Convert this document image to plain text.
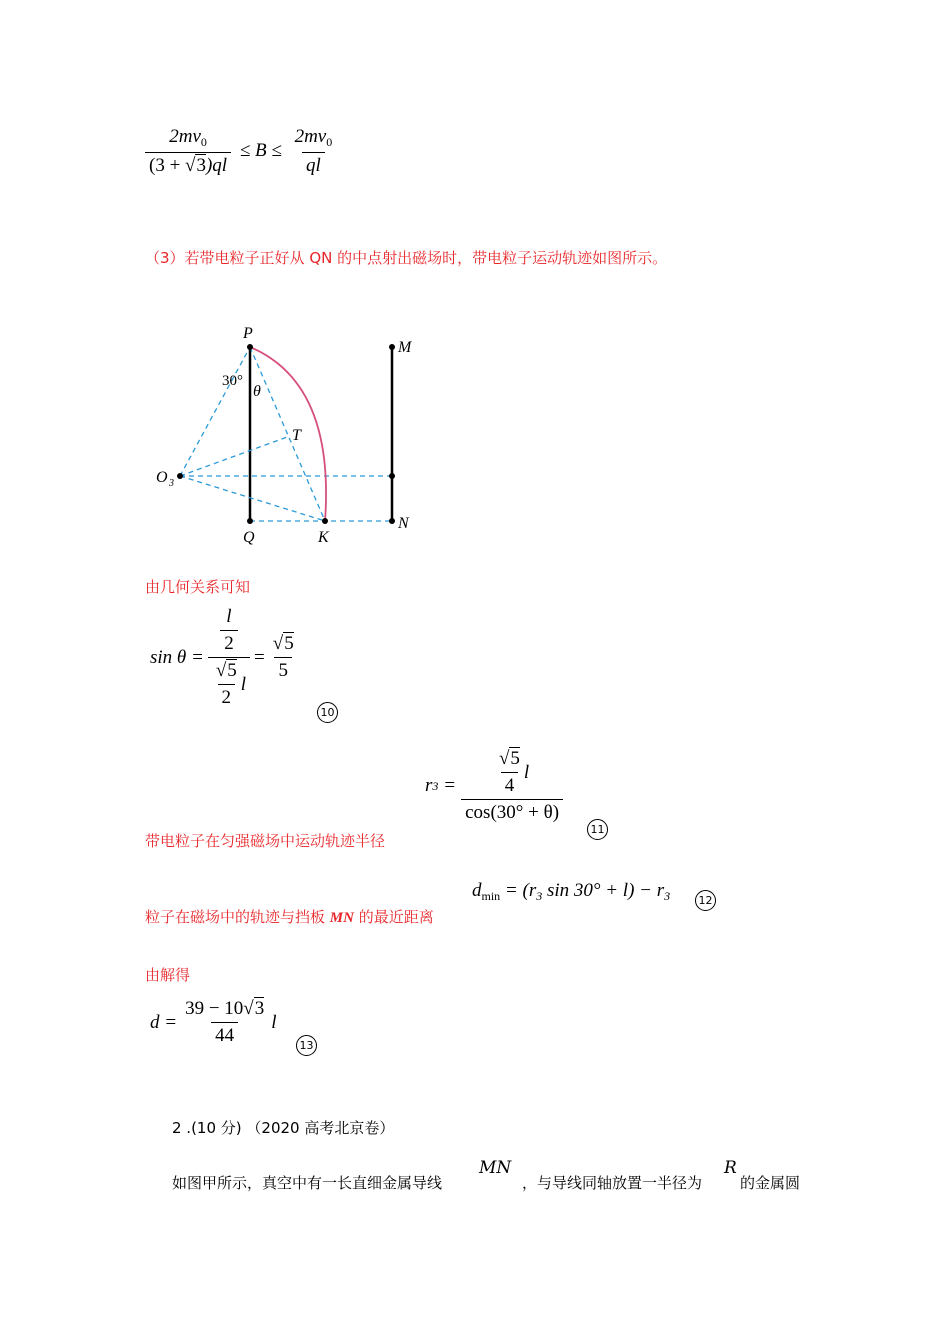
$\frac{2mv_0}{(3 + √3)ql} \le B \le \frac{2mv_0}{ql}$
（3）若带电粒子正好从 QN 的中点射出磁场时，带电粒子运动轨迹如图所示。
P
M
θ
T
O
Q	K
N
3
30°
由几何关系可知
$\sin \theta = \frac{\frac{l}{2}}{\frac{√5}{2} l} = \frac{√5}{5}$
10
r $3 = \frac{\frac{√5}{4} l}{\cos(30^\circ + \theta)}$
11
带电粒子在匀强磁场中运动轨迹半径
$d_{min} = (r_3$ $\sin 30^\circ + l) - r_3$	12
粒子在磁场中的轨迹与挡板 MN 的最近距离
由解得
$d = \frac{39 - 10√3}{44}$ l
13
2 .(10 分) （2020 高考北京卷）
如图甲所示，真空中有一长直细金属导线
MN
，与导线同轴放置一半径为
R
的金属圆
